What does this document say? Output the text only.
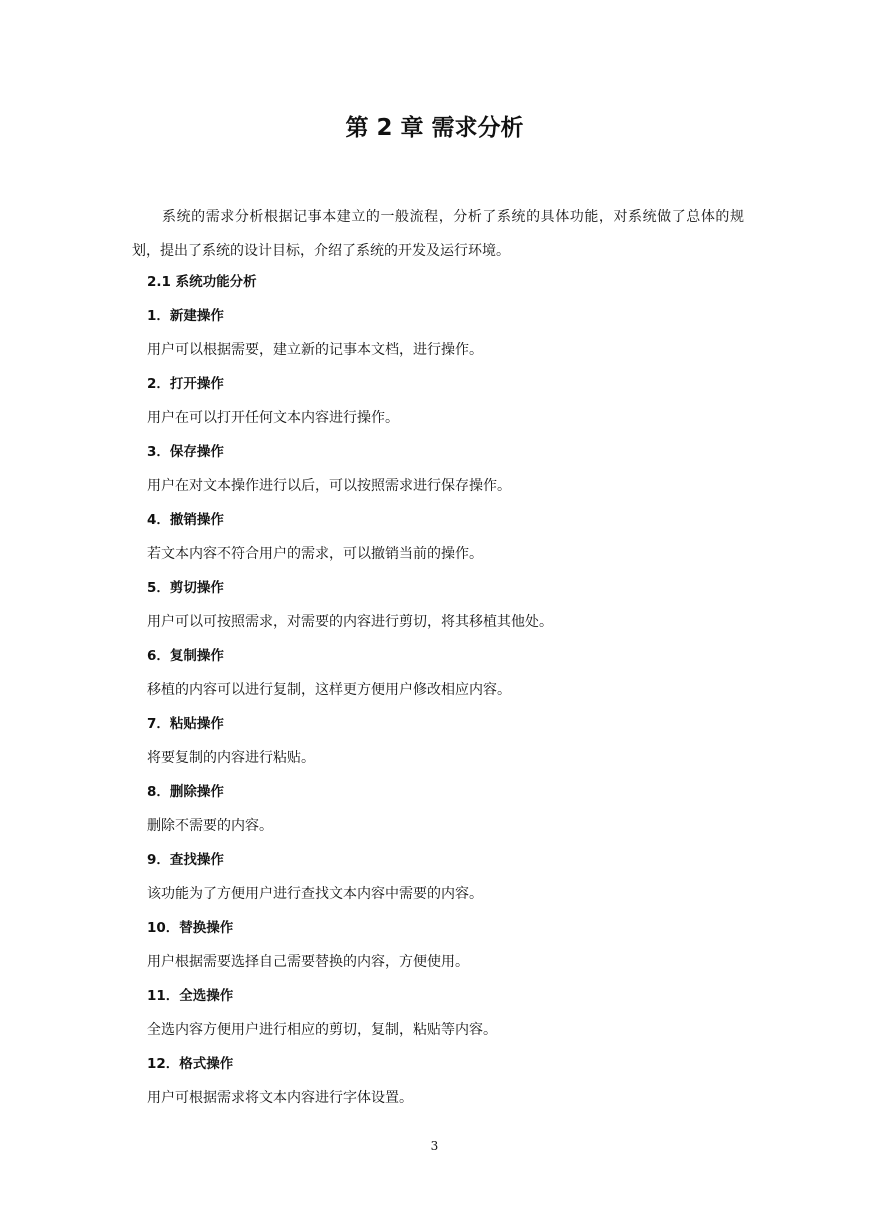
第 2 章 需求分析

系统的需求分析根据记事本建立的一般流程，分析了系统的具体功能，对系统做了总体的规划，提出了系统的设计目标，介绍了系统的开发及运行环境。

2.1 系统功能分析

1．新建操作

用户可以根据需要，建立新的记事本文档，进行操作。

2．打开操作

用户在可以打开任何文本内容进行操作。

3．保存操作

用户在对文本操作进行以后，可以按照需求进行保存操作。

4．撤销操作

若文本内容不符合用户的需求，可以撤销当前的操作。

5．剪切操作

用户可以可按照需求，对需要的内容进行剪切，将其移植其他处。

6．复制操作

移植的内容可以进行复制，这样更方便用户修改相应内容。

7．粘贴操作

将要复制的内容进行粘贴。

8．删除操作

删除不需要的内容。

9．查找操作

该功能为了方便用户进行查找文本内容中需要的内容。

10．替换操作

用户根据需要选择自己需要替换的内容，方便使用。

11．全选操作

全选内容方便用户进行相应的剪切，复制，粘贴等内容。

12．格式操作

用户可根据需求将文本内容进行字体设置。

3
